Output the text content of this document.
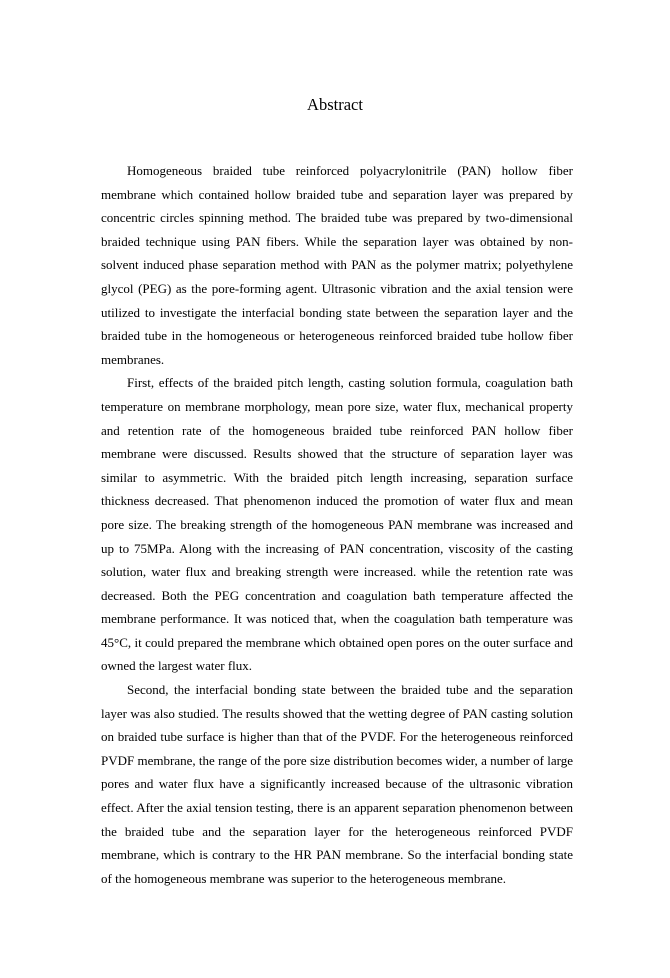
Abstract

Homogeneous braided tube reinforced polyacrylonitrile (PAN) hollow fiber membrane which contained hollow braided tube and separation layer was prepared by concentric circles spinning method. The braided tube was prepared by two-dimensional braided technique using PAN fibers. While the separation layer was obtained by non-solvent induced phase separation method with PAN as the polymer matrix; polyethylene glycol (PEG) as the pore-forming agent. Ultrasonic vibration and the axial tension were utilized to investigate the interfacial bonding state between the separation layer and the braided tube in the homogeneous or heterogeneous reinforced braided tube hollow fiber membranes.

First, effects of the braided pitch length, casting solution formula, coagulation bath temperature on membrane morphology, mean pore size, water flux, mechanical property and retention rate of the homogeneous braided tube reinforced PAN hollow fiber membrane were discussed. Results showed that the structure of separation layer was similar to asymmetric. With the braided pitch length increasing, separation surface thickness decreased. That phenomenon induced the promotion of water flux and mean pore size. The breaking strength of the homogeneous PAN membrane was increased and up to 75MPa. Along with the increasing of PAN concentration, viscosity of the casting solution, water flux and breaking strength were increased. while the retention rate was decreased. Both the PEG concentration and coagulation bath temperature affected the membrane performance. It was noticed that, when the coagulation bath temperature was 45°C, it could prepared the membrane which obtained open pores on the outer surface and owned the largest water flux.

Second, the interfacial bonding state between the braided tube and the separation layer was also studied. The results showed that the wetting degree of PAN casting solution on braided tube surface is higher than that of the PVDF. For the heterogeneous reinforced PVDF membrane, the range of the pore size distribution becomes wider, a number of large pores and water flux have a significantly increased because of the ultrasonic vibration effect. After the axial tension testing, there is an apparent separation phenomenon between the braided tube and the separation layer for the heterogeneous reinforced PVDF membrane, which is contrary to the HR PAN membrane. So the interfacial bonding state of the homogeneous membrane was superior to the heterogeneous membrane.
